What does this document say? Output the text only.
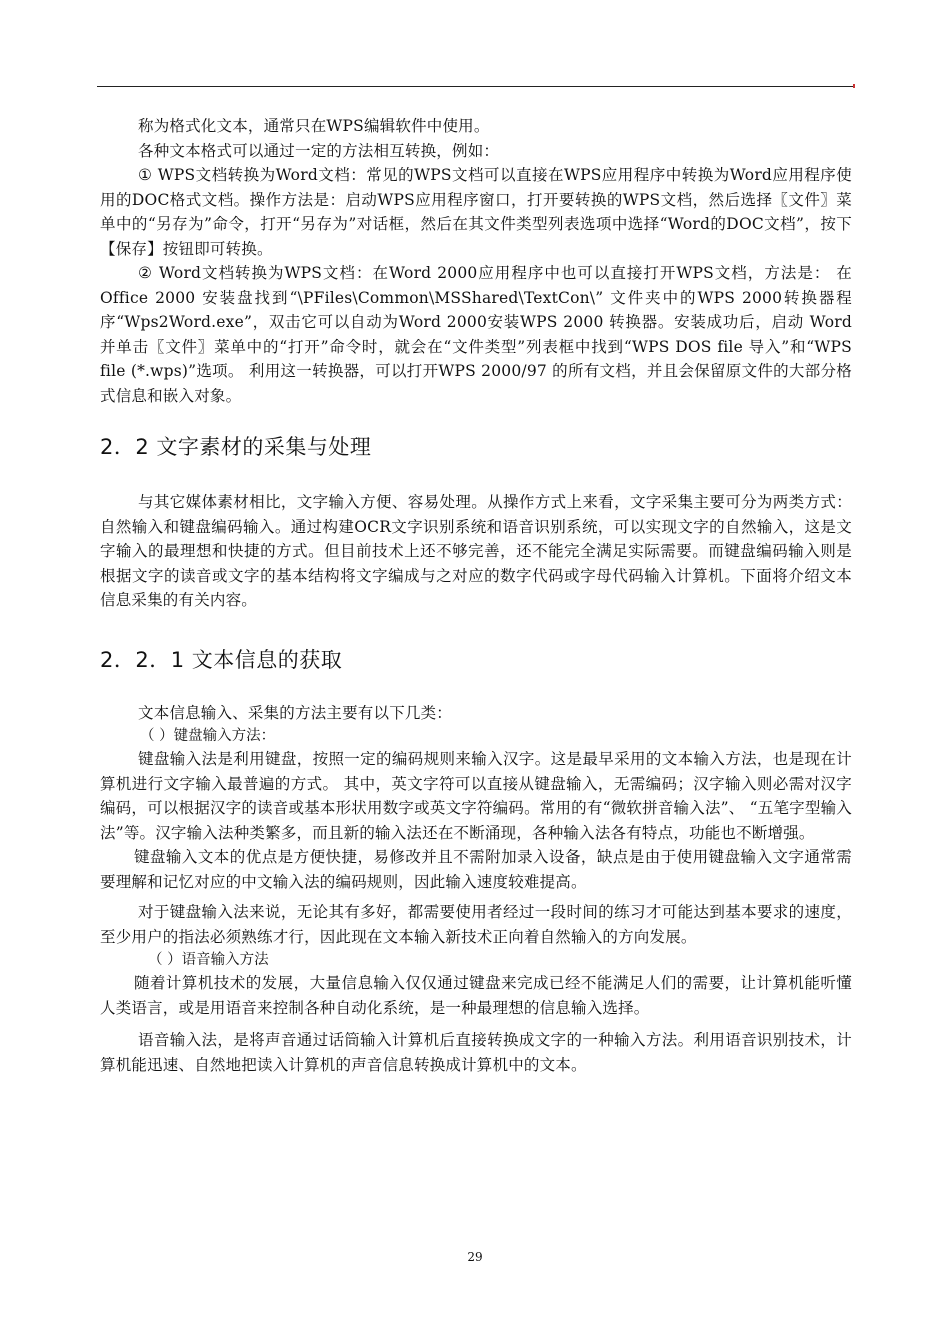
称为格式化文本，通常只在WPS编辑软件中使用。

各种文本格式可以通过一定的方法相互转换，例如：

① WPS文档转换为Word文档：常见的WPS文档可以直接在WPS应用程序中转换为Word应用程序使用的DOC格式文档。操作方法是：启动WPS应用程序窗口，打开要转换的WPS文档，然后选择〖文件〗菜单中的“另存为”命令，打开“另存为”对话框，然后在其文件类型列表选项中选择“Word的DOC文档”，按下【保存】按钮即可转换。

② Word文档转换为WPS文档：在Word 2000应用程序中也可以直接打开WPS文档，方法是： 在 Office 2000 安装盘找到“\PFiles\Common\MSShared\TextCon\” 文件夹中的WPS 2000转换器程序“Wps2Word.exe”，双击它可以自动为Word 2000安装WPS 2000 转换器。安装成功后，启动 Word 并单击〖文件〗菜单中的“打开”命令时，就会在“文件类型”列表框中找到“WPS DOS file 导入”和“WPS file (*.wps)”选项。 利用这一转换器，可以打开WPS 2000/97 的所有文档，并且会保留原文件的大部分格式信息和嵌入对象。

2．2 文字素材的采集与处理

与其它媒体素材相比，文字输入方便、容易处理。从操作方式上来看，文字采集主要可分为两类方式：自然输入和键盘编码输入。通过构建OCR文字识别系统和语音识别系统，可以实现文字的自然输入，这是文字输入的最理想和快捷的方式。但目前技术上还不够完善，还不能完全满足实际需要。而键盘编码输入则是根据文字的读音或文字的基本结构将文字编成与之对应的数字代码或字母代码输入计算机。下面将介绍文本信息采集的有关内容。

2．2．1 文本信息的获取

文本信息输入、采集的方法主要有以下几类：

（ ）键盘输入方法：

键盘输入法是利用键盘，按照一定的编码规则来输入汉字。这是最早采用的文本输入方法，也是现在计算机进行文字输入最普遍的方式。 其中，英文字符可以直接从键盘输入，无需编码；汉字输入则必需对汉字编码，可以根据汉字的读音或基本形状用数字或英文字符编码。常用的有“微软拼音输入法”、 “五笔字型输入法”等。汉字输入法种类繁多，而且新的输入法还在不断涌现，各种输入法各有特点，功能也不断增强。

键盘输入文本的优点是方便快捷，易修改并且不需附加录入设备，缺点是由于使用键盘输入文字通常需要理解和记忆对应的中文输入法的编码规则，因此输入速度较难提高。

对于键盘输入法来说，无论其有多好，都需要使用者经过一段时间的练习才可能达到基本要求的速度，至少用户的指法必须熟练才行，因此现在文本输入新技术正向着自然输入的方向发展。

（ ）语音输入方法

随着计算机技术的发展，大量信息输入仅仅通过键盘来完成已经不能满足人们的需要，让计算机能听懂人类语言，或是用语音来控制各种自动化系统，是一种最理想的信息输入选择。

语音输入法，是将声音通过话筒输入计算机后直接转换成文字的一种输入方法。利用语音识别技术，计算机能迅速、自然地把读入计算机的声音信息转换成计算机中的文本。

29
